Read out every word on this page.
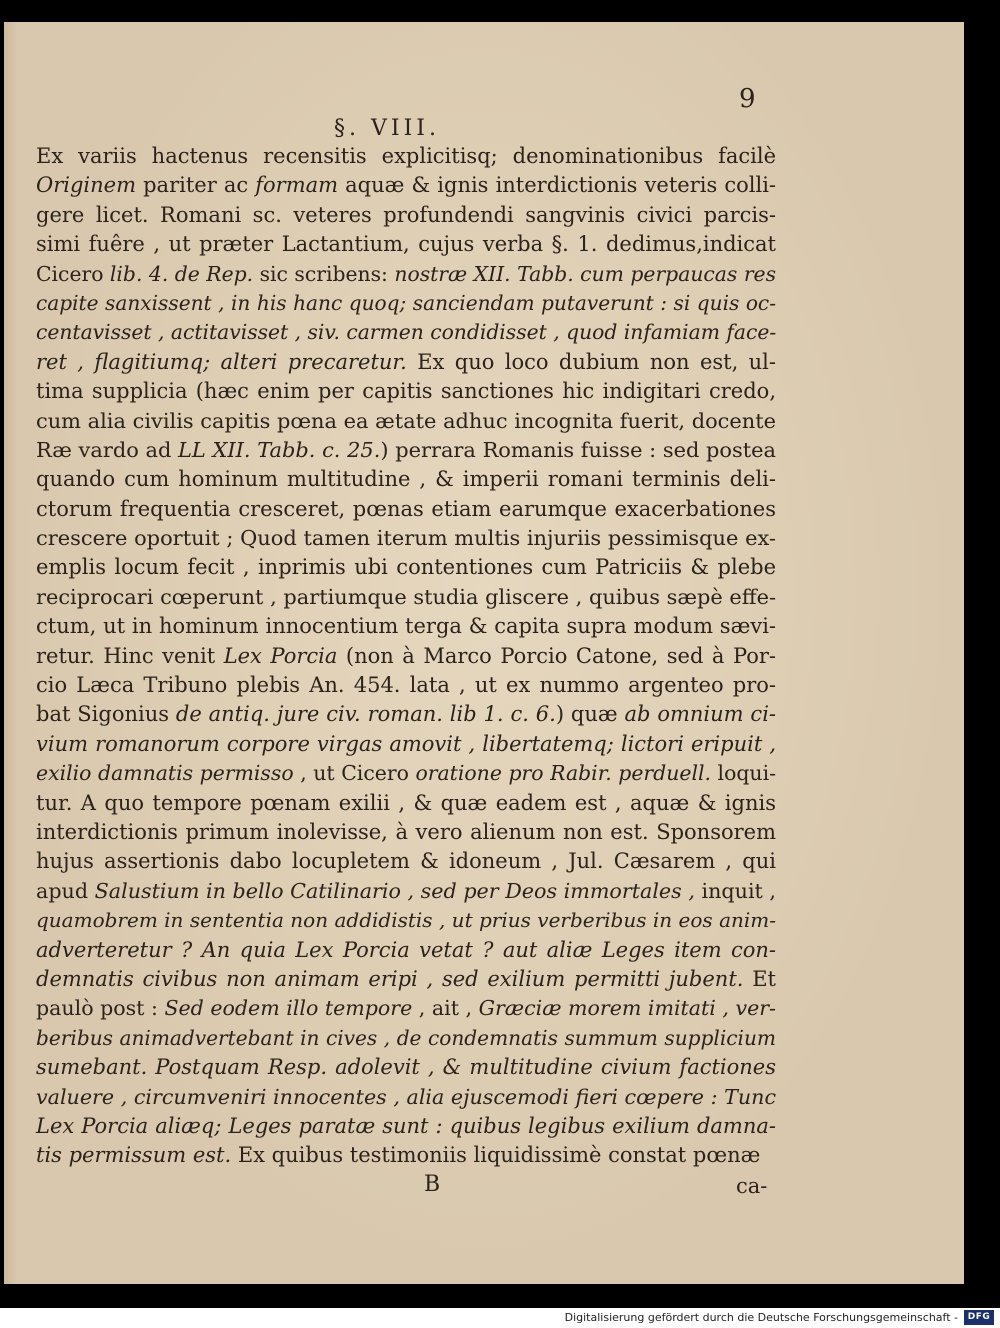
9
§. VIII.
Ex variis hactenus recensitis explicitisq; denominationibus facilè
Originem pariter ac formam aquæ & ignis interdictionis veteris colli-
gere licet. Romani sc. veteres profundendi sangvinis civici parcis-
simi fuêre , ut præter Lactantium, cujus verba §. 1. dedimus,indicat
Cicero lib. 4. de Rep. sic scribens: nostræ XII. Tabb. cum perpaucas res
capite sanxissent , in his hanc quoq; sanciendam putaverunt : si quis oc-
centavisset , actitavisset , siv. carmen condidisset , quod infamiam face-
ret , flagitiumq; alteri precaretur. Ex quo loco dubium non est, ul-
tima supplicia (hæc enim per capitis sanctiones hic indigitari credo,
cum alia civilis capitis pœna ea ætate adhuc incognita fuerit, docente
Ræ vardo ad LL XII. Tabb. c. 25.) perrara Romanis fuisse : sed postea
quando cum hominum multitudine , & imperii romani terminis deli-
ctorum frequentia cresceret, pœnas etiam earumque exacerbationes
crescere oportuit ; Quod tamen iterum multis injuriis pessimisque ex-
emplis locum fecit , inprimis ubi contentiones cum Patriciis & plebe
reciprocari cœperunt , partiumque studia gliscere , quibus sæpè effe-
ctum, ut in hominum innocentium terga & capita supra modum sævi-
retur. Hinc venit Lex Porcia (non à Marco Porcio Catone, sed à Por-
cio Læca Tribuno plebis An. 454. lata , ut ex nummo argenteo pro-
bat Sigonius de antiq. jure civ. roman. lib 1. c. 6.) quæ ab omnium ci-
vium romanorum corpore virgas amovit , libertatemq; lictori eripuit ,
exilio damnatis permisso , ut Cicero oratione pro Rabir. perduell. loqui-
tur. A quo tempore pœnam exilii , & quæ eadem est , aquæ & ignis
interdictionis primum inolevisse, à vero alienum non est. Sponsorem
hujus assertionis dabo locupletem & idoneum , Jul. Cæsarem , qui
apud Salustium in bello Catilinario , sed per Deos immortales , inquit ,
quamobrem in sententia non addidistis , ut prius verberibus in eos anim-
adverteretur ? An quia Lex Porcia vetat ? aut aliæ Leges item con-
demnatis civibus non animam eripi , sed exilium permitti jubent. Et
paulò post : Sed eodem illo tempore , ait , Græciæ morem imitati , ver-
beribus animadvertebant in cives , de condemnatis summum supplicium
sumebant. Postquam Resp. adolevit , & multitudine civium factiones
valuere , circumveniri innocentes , alia ejuscemodi fieri cœpere : Tunc
Lex Porcia aliæq; Leges paratæ sunt : quibus legibus exilium damna-
tis permissum est. Ex quibus testimoniis liquidissimè constat pœnæ
B	ca-
Digitalisierung gefördert durch die Deutsche Forschungsgemeinschaft -	DFG
